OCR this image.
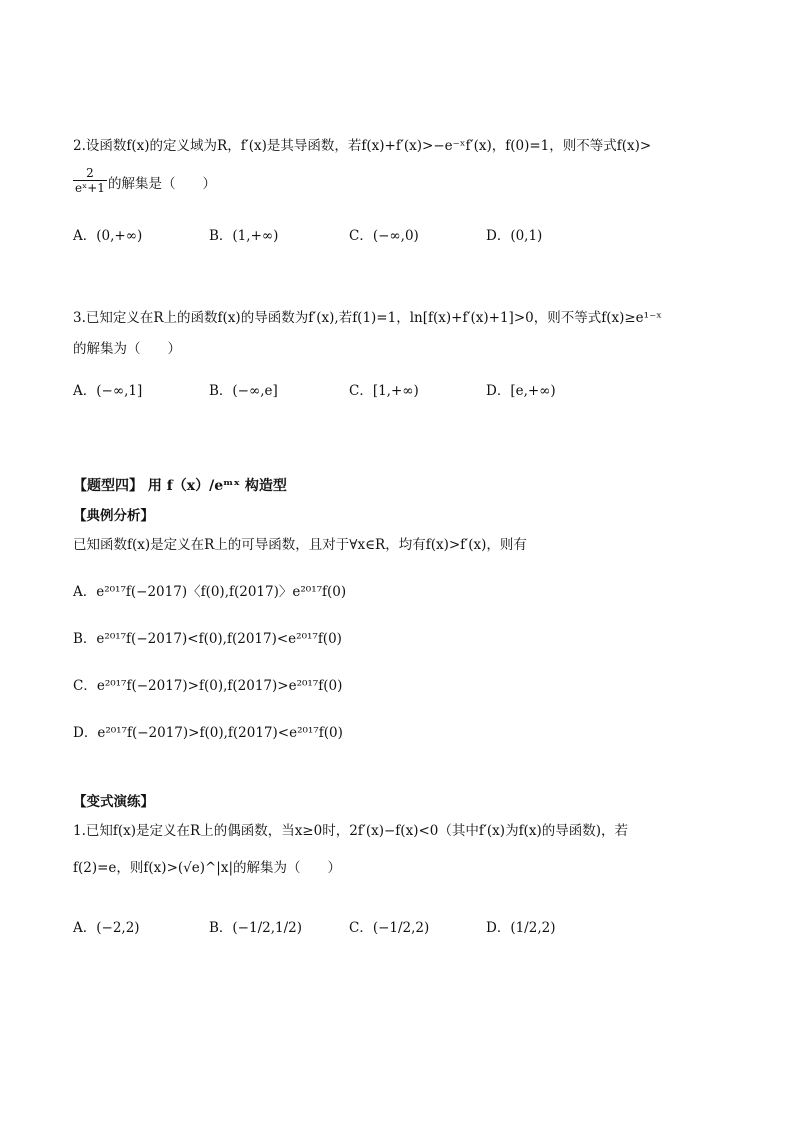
2.设函数f(x)的定义域为R，f′(x)是其导函数，若f(x)+f′(x)>−e⁻ˣf′(x)，f(0)=1，则不等式f(x)>
$\frac{2}{\text{eˣ+1}}$ 的解集是（　　）
A．(0,+∞)	B．(1,+∞)	C．(−∞,0)	D．(0,1)
3.已知定义在R上的函数f(x)的导函数为f′(x),若f(1)=1，ln[f(x)+f′(x)+1]>0，则不等式f(x)≥e¹⁻ˣ
的解集为（　　）
A．(−∞,1]	B．(−∞,e]	C．[1,+∞)	D．[e,+∞)
【题型四】 用 f（x）/eᵐˣ 构造型
【典例分析】
已知函数f(x)是定义在R上的可导函数，且对于∀x∈R，均有f(x)>f′(x)，则有
A．e²⁰¹⁷f(−2017)〈f(0),f(2017)〉e²⁰¹⁷f(0)
B．e²⁰¹⁷f(−2017)<f(0),f(2017)<e²⁰¹⁷f(0)
C．e²⁰¹⁷f(−2017)>f(0),f(2017)>e²⁰¹⁷f(0)
D．e²⁰¹⁷f(−2017)>f(0),f(2017)<e²⁰¹⁷f(0)
【变式演练】
1.已知f(x)是定义在R上的偶函数，当x≥0时，2f′(x)−f(x)<0（其中f′(x)为f(x)的导函数)，若
f(2)=e，则f(x)>(√e)^|x|的解集为（　　）
A．(−2,2)	B．(−1/2,1/2)	C．(−1/2,2)	D．(1/2,2)
